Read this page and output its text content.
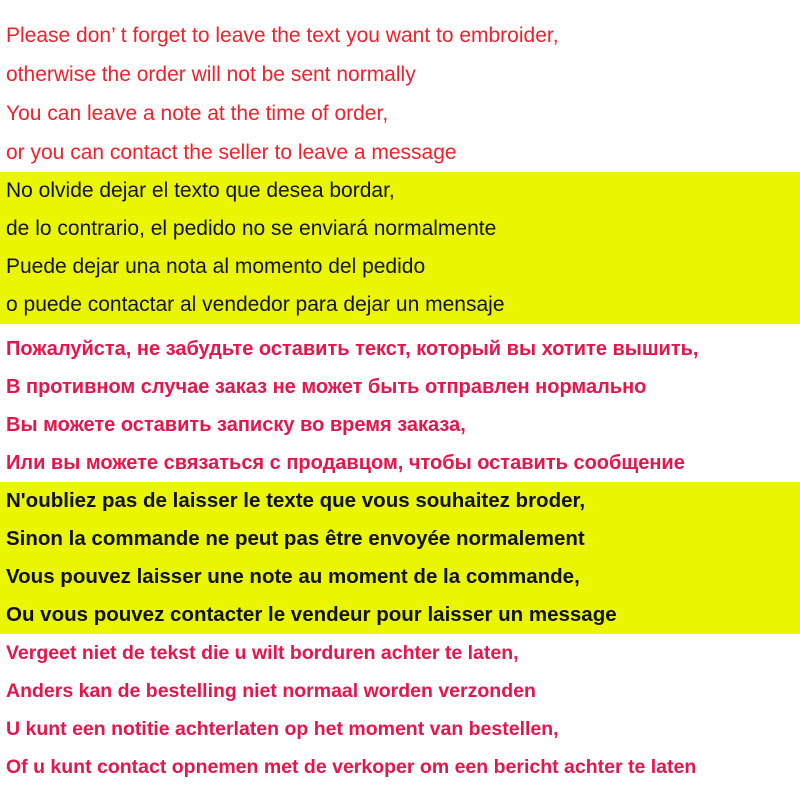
Please don’ t forget to leave the text you want to embroider,
otherwise the order will not be sent normally
You can leave a note at the time of order,
or you can contact the seller to leave a message
No olvide dejar el texto que desea bordar,
de lo contrario, el pedido no se enviará normalmente
Puede dejar una nota al momento del pedido
o puede contactar al vendedor para dejar un mensaje
Пожалуйста, не забудьте оставить текст, который вы хотите вышить,
В противном случае заказ не может быть отправлен нормально
Вы можете оставить записку во время заказа,
Или вы можете связаться с продавцом, чтобы оставить сообщение
N'oubliez pas de laisser le texte que vous souhaitez broder,
Sinon la commande ne peut pas être envoyée normalement
Vous pouvez laisser une note au moment de la commande,
Ou vous pouvez contacter le vendeur pour laisser un message
Vergeet niet de tekst die u wilt borduren achter te laten,
Anders kan de bestelling niet normaal worden verzonden
U kunt een notitie achterlaten op het moment van bestellen,
Of u kunt contact opnemen met de verkoper om een bericht achter te laten
